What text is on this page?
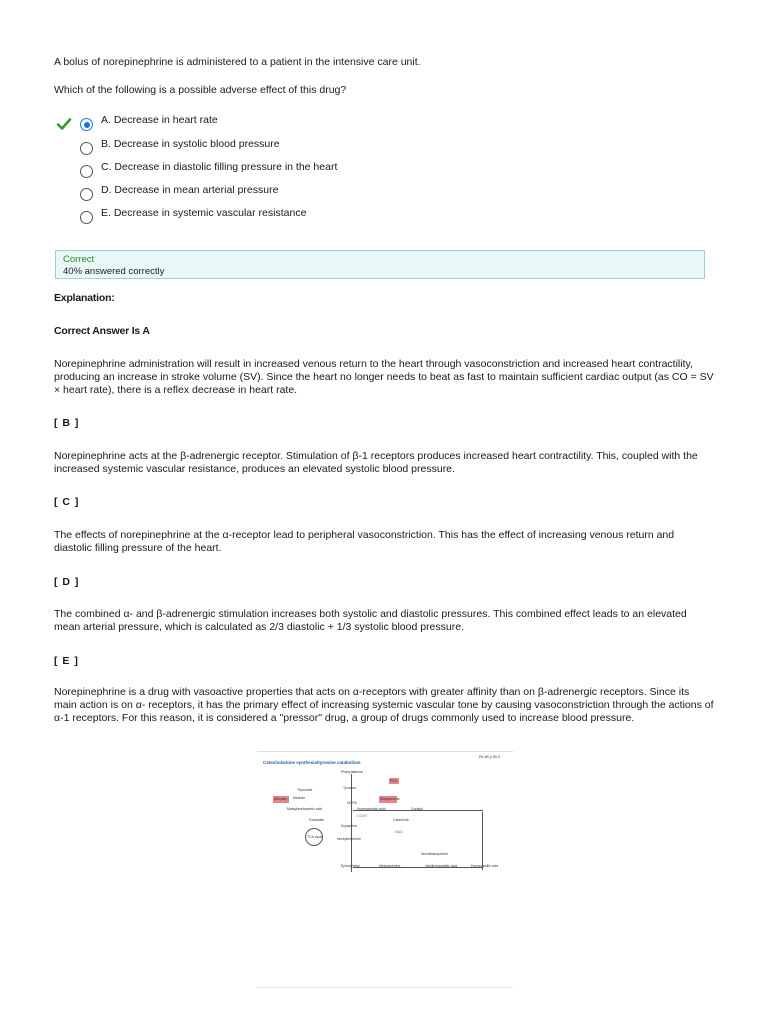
A bolus of norepinephrine is administered to a patient in the intensive care unit.
Which of the following is a possible adverse effect of this drug?
A. Decrease in heart rate
B. Decrease in systolic blood pressure
C. Decrease in diastolic filling pressure in the heart
D. Decrease in mean arterial pressure
E. Decrease in systemic vascular resistance
Correct
40% answered correctly
Explanation:
Correct Answer Is A
Norepinephrine administration will result in increased venous return to the heart through vasoconstriction and increased heart contractility, producing an increase in stroke volume (SV). Since the heart no longer needs to beat as fast to maintain sufficient cardiac output (as CO = SV × heart rate), there is a reflex decrease in heart rate.
[ B ]
Norepinephrine acts at the β-adrenergic receptor. Stimulation of β-1 receptors produces increased heart contractility. This, coupled with the increased systemic vascular resistance, produces an elevated systolic blood pressure.
[ C ]
The effects of norepinephrine at the α-receptor lead to peripheral vasoconstriction. This has the effect of increasing venous return and diastolic filling pressure of the heart.
[ D ]
The combined α- and β-adrenergic stimulation increases both systolic and diastolic pressures. This combined effect leads to an elevated mean arterial pressure, which is calculated as 2/3 diastolic + 1/3 systolic blood pressure.
[ E ]
Norepinephrine is a drug with vasoactive properties that acts on α-receptors with greater affinity than on β-adrenergic receptors. Since its main action is on α- receptors, it has the primary effect of increasing systemic vascular tone by causing vasoconstriction through the actions of α-1 receptors. For this reason, it is considered a "pressor" drug, a group of drugs commonly used to increase blood pressure.
Catecholamine synthesis/tyrosine catabolism
FA 4th p 83-3
Phenylalanine
PKU
Tyrosine
Thyroxine
Albinism	Alkaptonuria
Melanin
DOPA
Maleylacetoacetic acid	Homogentisic acid	Cortisol
Fumarate
COMT
Catechols
TCA cycle
Dopamine
MAO
Norepinephrine
Normetanephrine
Epinephrine	Metanephrine	Vanillylmandelic acid	Homovanillic acid
